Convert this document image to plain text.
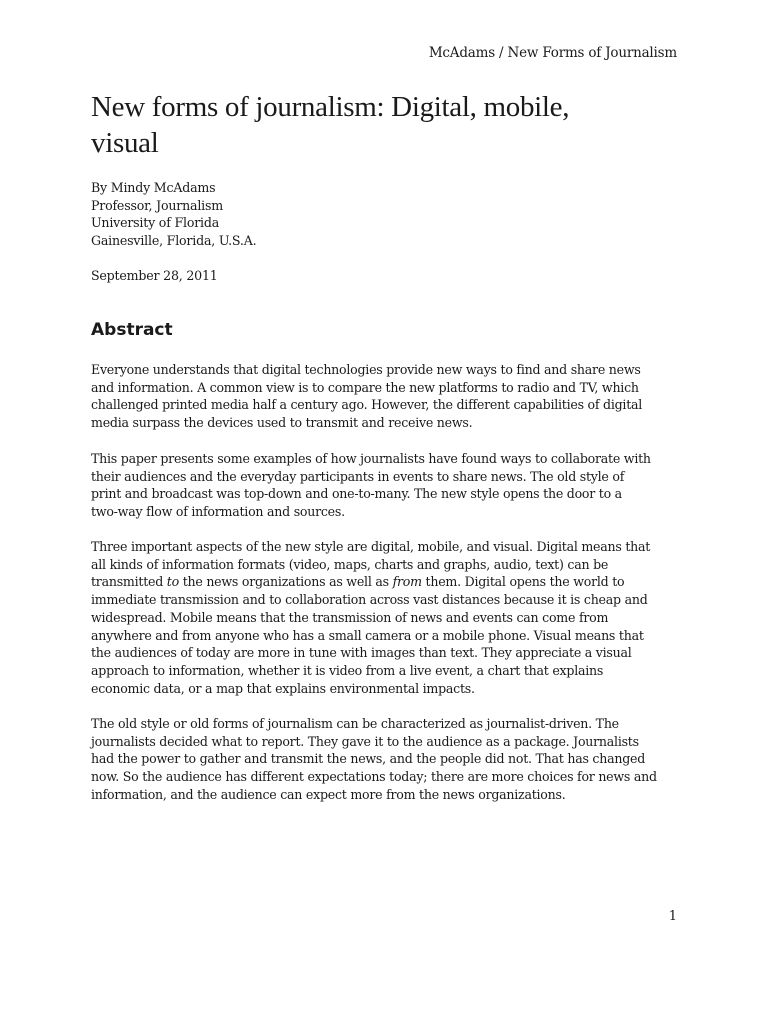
McAdams / New Forms of Journalism
New forms of journalism: Digital, mobile,
visual
By Mindy McAdams
Professor, Journalism
University of Florida
Gainesville, Florida, U.S.A.
September 28, 2011
Abstract
Everyone understands that digital technologies provide new ways to find and share news
and information. A common view is to compare the new platforms to radio and TV, which
challenged printed media half a century ago. However, the different capabilities of digital
media surpass the devices used to transmit and receive news.
This paper presents some examples of how journalists have found ways to collaborate with
their audiences and the everyday participants in events to share news. The old style of
print and broadcast was top-down and one-to-many. The new style opens the door to a
two-way flow of information and sources.
Three important aspects of the new style are digital, mobile, and visual. Digital means that
all kinds of information formats (video, maps, charts and graphs, audio, text) can be
transmitted to the news organizations as well as from them. Digital opens the world to
immediate transmission and to collaboration across vast distances because it is cheap and
widespread. Mobile means that the transmission of news and events can come from
anywhere and from anyone who has a small camera or a mobile phone. Visual means that
the audiences of today are more in tune with images than text. They appreciate a visual
approach to information, whether it is video from a live event, a chart that explains
economic data, or a map that explains environmental impacts.
The old style or old forms of journalism can be characterized as journalist-driven. The
journalists decided what to report. They gave it to the audience as a package. Journalists
had the power to gather and transmit the news, and the people did not. That has changed
now. So the audience has different expectations today; there are more choices for news and
information, and the audience can expect more from the news organizations.
1
